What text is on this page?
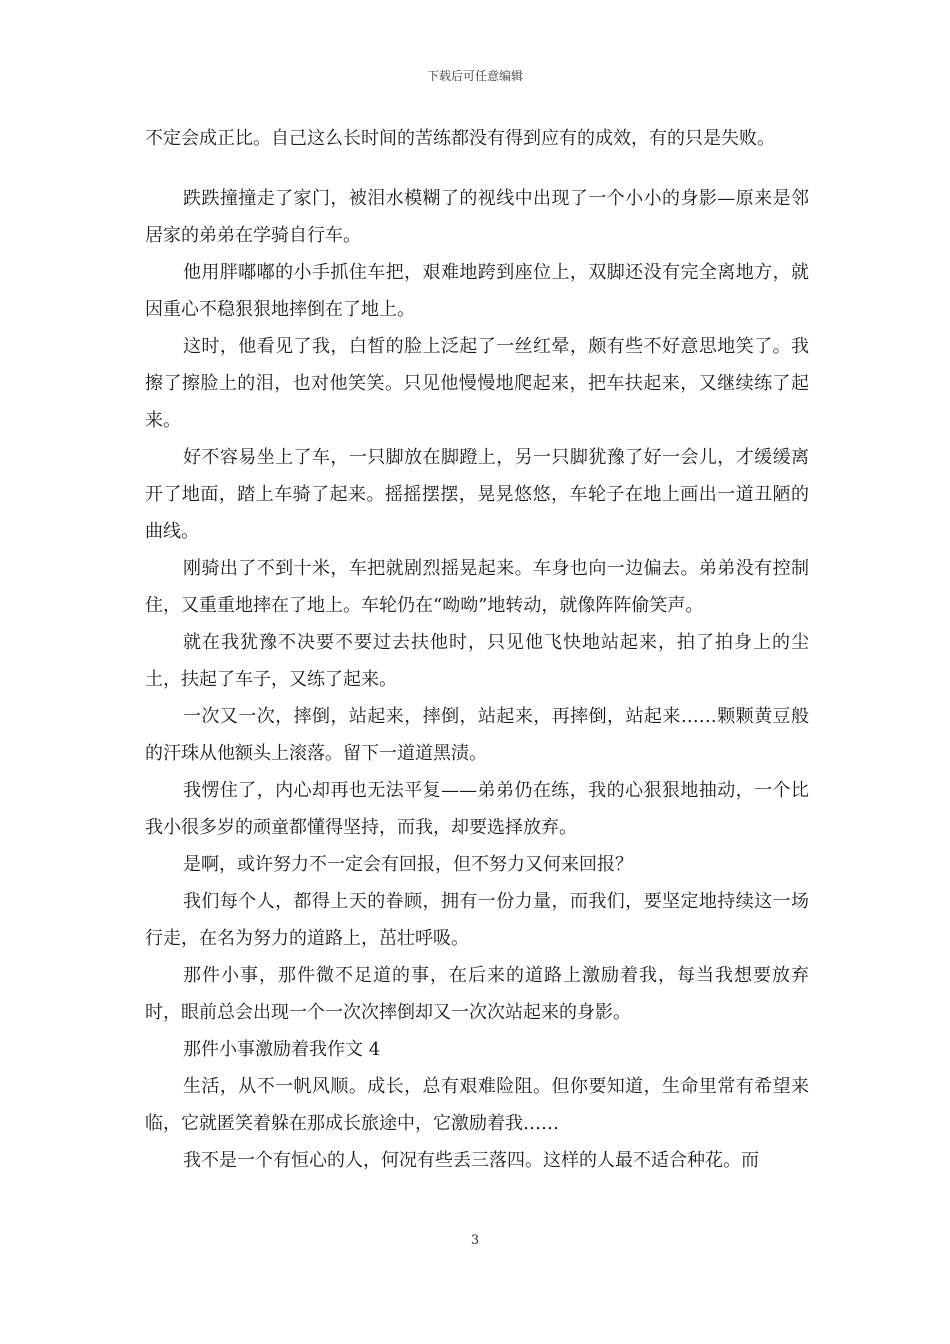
下载后可任意编辑

不定会成正比。自己这么长时间的苦练都没有得到应有的成效，有的只是失败。

跌跌撞撞走了家门，被泪水模糊了的视线中出现了一个小小的身影—原来是邻居家的弟弟在学骑自行车。

他用胖嘟嘟的小手抓住车把，艰难地跨到座位上，双脚还没有完全离地方，就因重心不稳狠狠地摔倒在了地上。

这时，他看见了我，白皙的脸上泛起了一丝红晕，颇有些不好意思地笑了。我擦了擦脸上的泪，也对他笑笑。只见他慢慢地爬起来，把车扶起来，又继续练了起来。

好不容易坐上了车，一只脚放在脚蹬上，另一只脚犹豫了好一会儿，才缓缓离开了地面，踏上车骑了起来。摇摇摆摆，晃晃悠悠，车轮子在地上画出一道丑陋的曲线。

刚骑出了不到十米，车把就剧烈摇晃起来。车身也向一边偏去。弟弟没有控制住，又重重地摔在了地上。车轮仍在“呦呦”地转动，就像阵阵偷笑声。

就在我犹豫不决要不要过去扶他时，只见他飞快地站起来，拍了拍身上的尘土，扶起了车子，又练了起来。

一次又一次，摔倒，站起来，摔倒，站起来，再摔倒，站起来……颗颗黄豆般的汗珠从他额头上滚落。留下一道道黑渍。

我愣住了，内心却再也无法平复——弟弟仍在练，我的心狠狠地抽动，一个比我小很多岁的顽童都懂得坚持，而我，却要选择放弃。

是啊，或许努力不一定会有回报，但不努力又何来回报？

我们每个人，都得上天的眷顾，拥有一份力量，而我们，要坚定地持续这一场行走，在名为努力的道路上，茁壮呼吸。

那件小事，那件微不足道的事，在后来的道路上激励着我，每当我想要放弃时，眼前总会出现一个一次次摔倒却又一次次站起来的身影。

那件小事激励着我作文 4

生活，从不一帆风顺。成长，总有艰难险阻。但你要知道，生命里常有希望来临，它就匿笑着躲在那成长旅途中，它激励着我……

我不是一个有恒心的人，何况有些丢三落四。这样的人最不适合种花。而

3
